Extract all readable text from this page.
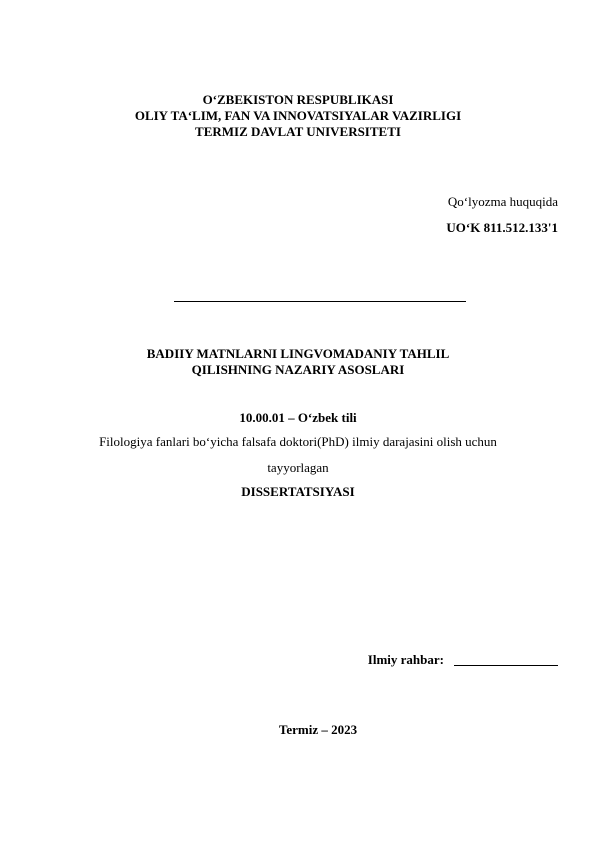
O‘ZBEKISTON RESPUBLIKASI
OLIY TA‘LIM, FAN VA INNOVATSIYALAR VAZIRLIGI
TERMIZ DAVLAT UNIVERSITETI
Qo‘lyozma huquqida
UO‘K 811.512.133'1
BADIIY MATNLARNI LINGVOMADANIY TAHLIL
QILISHNING NAZARIY ASOSLARI
10.00.01 – O‘zbek tili
Filologiya fanlari bo‘yicha falsafa doktori(PhD) ilmiy darajasini olish uchun
tayyorlagan
DISSERTATSIYASI
Ilmiy rahbar:
Termiz – 2023
